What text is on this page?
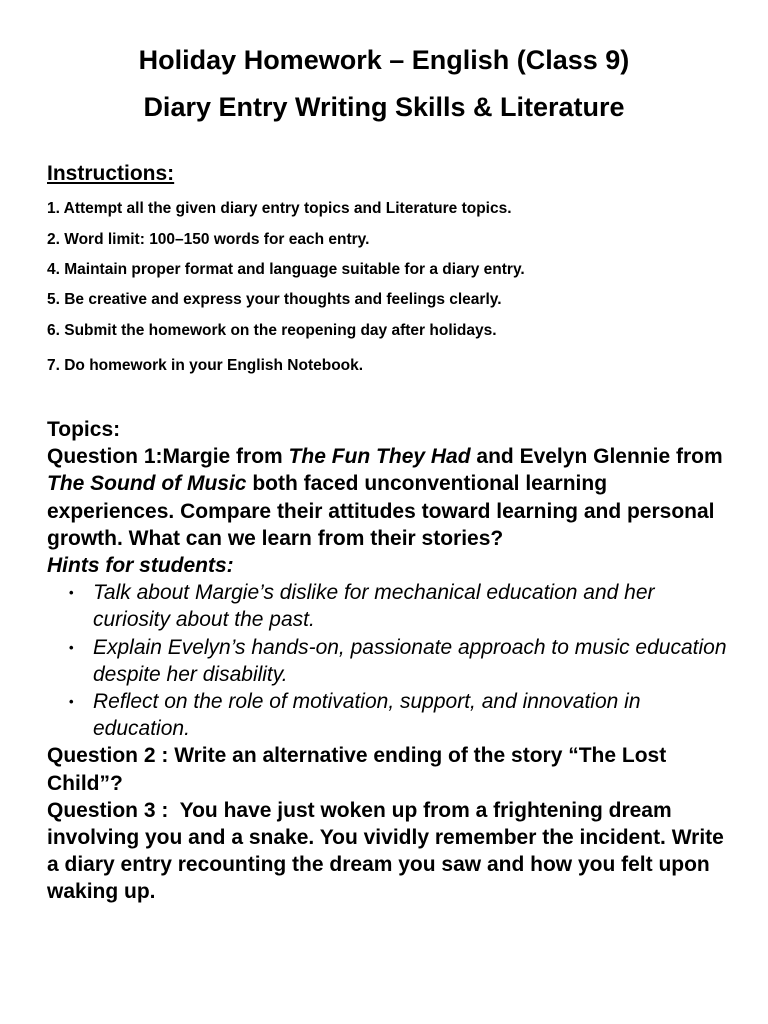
Holiday Homework – English (Class 9)
Diary Entry Writing Skills & Literature

Instructions:

1. Attempt all the given diary entry topics and Literature topics.

2. Word limit: 100–150 words for each entry.

4. Maintain proper format and language suitable for a diary entry.

5. Be creative and express your thoughts and feelings clearly.

6. Submit the homework on the reopening day after holidays.

7. Do homework in your English Notebook.

Topics:

Question 1:Margie from The Fun They Had and Evelyn Glennie from The Sound of Music both faced unconventional learning experiences. Compare their attitudes toward learning and personal growth. What can we learn from their stories?

Hints for students:

• Talk about Margie’s dislike for mechanical education and her curiosity about the past.
• Explain Evelyn’s hands-on, passionate approach to music education despite her disability.
• Reflect on the role of motivation, support, and innovation in education.

Question 2 : Write an alternative ending of the story “The Lost Child”?

Question 3 :  You have just woken up from a frightening dream involving you and a snake. You vividly remember the incident. Write a diary entry recounting the dream you saw and how you felt upon waking up.
